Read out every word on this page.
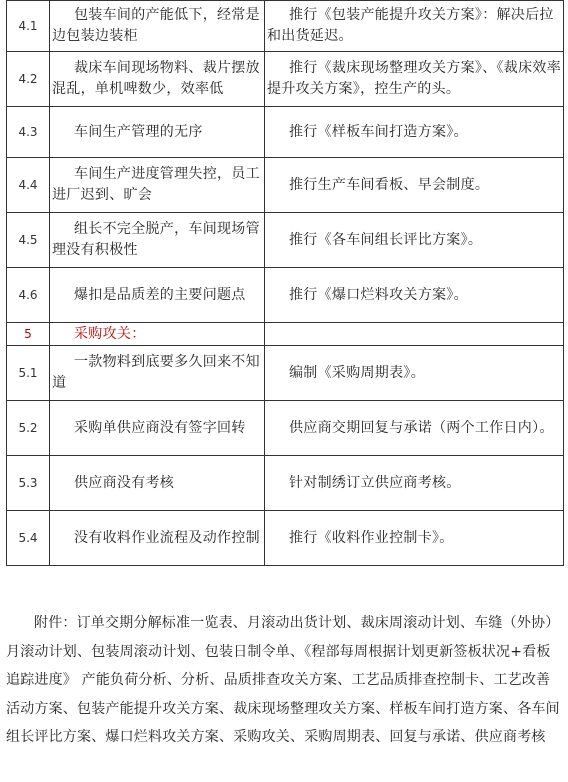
4.1	包装车间的产能低下，经常是边包装边装柜	推行《包装产能提升攻关方案》：解决后拉和出货延迟。

4.2	裁床车间现场物料、裁片摆放混乱，单机啤数少，效率低	推行《裁床现场整理攻关方案》、《裁床效率提升攻关方案》，控生产的头。

4.3	车间生产管理的无序	推行《样板车间打造方案》。

4.4	车间生产进度管理失控，员工进厂迟到、旷会	推行生产车间看板、早会制度。

4.5	组长不完全脱产，车间现场管理没有积极性	推行《各车间组长评比方案》。

4.6	爆扣是品质差的主要问题点	推行《爆口烂料攻关方案》。

5	采购攻关：	

5.1	一款物料到底要多久回来不知道	编制《采购周期表》。

5.2	采购单供应商没有签字回转	供应商交期回复与承诺（两个工作日内）。

5.3	供应商没有考核	针对制绣订立供应商考核。

5.4	没有收料作业流程及动作控制	推行《收料作业控制卡》。

附件：订单交期分解标准一览表、月滚动出货计划、裁床周滚动计划、车缝（外协）月滚动计划、包装周滚动计划、包装日制令单、《程部每周根据计划更新签板状况+看板追踪进度》 产能负荷分析、分析、品质排查攻关方案、工艺品质排查控制卡、工艺改善活动方案、包装产能提升攻关方案、裁床现场整理攻关方案、样板车间打造方案、各车间组长评比方案、爆口烂料攻关方案、采购攻关、采购周期表、回复与承诺、供应商考核
